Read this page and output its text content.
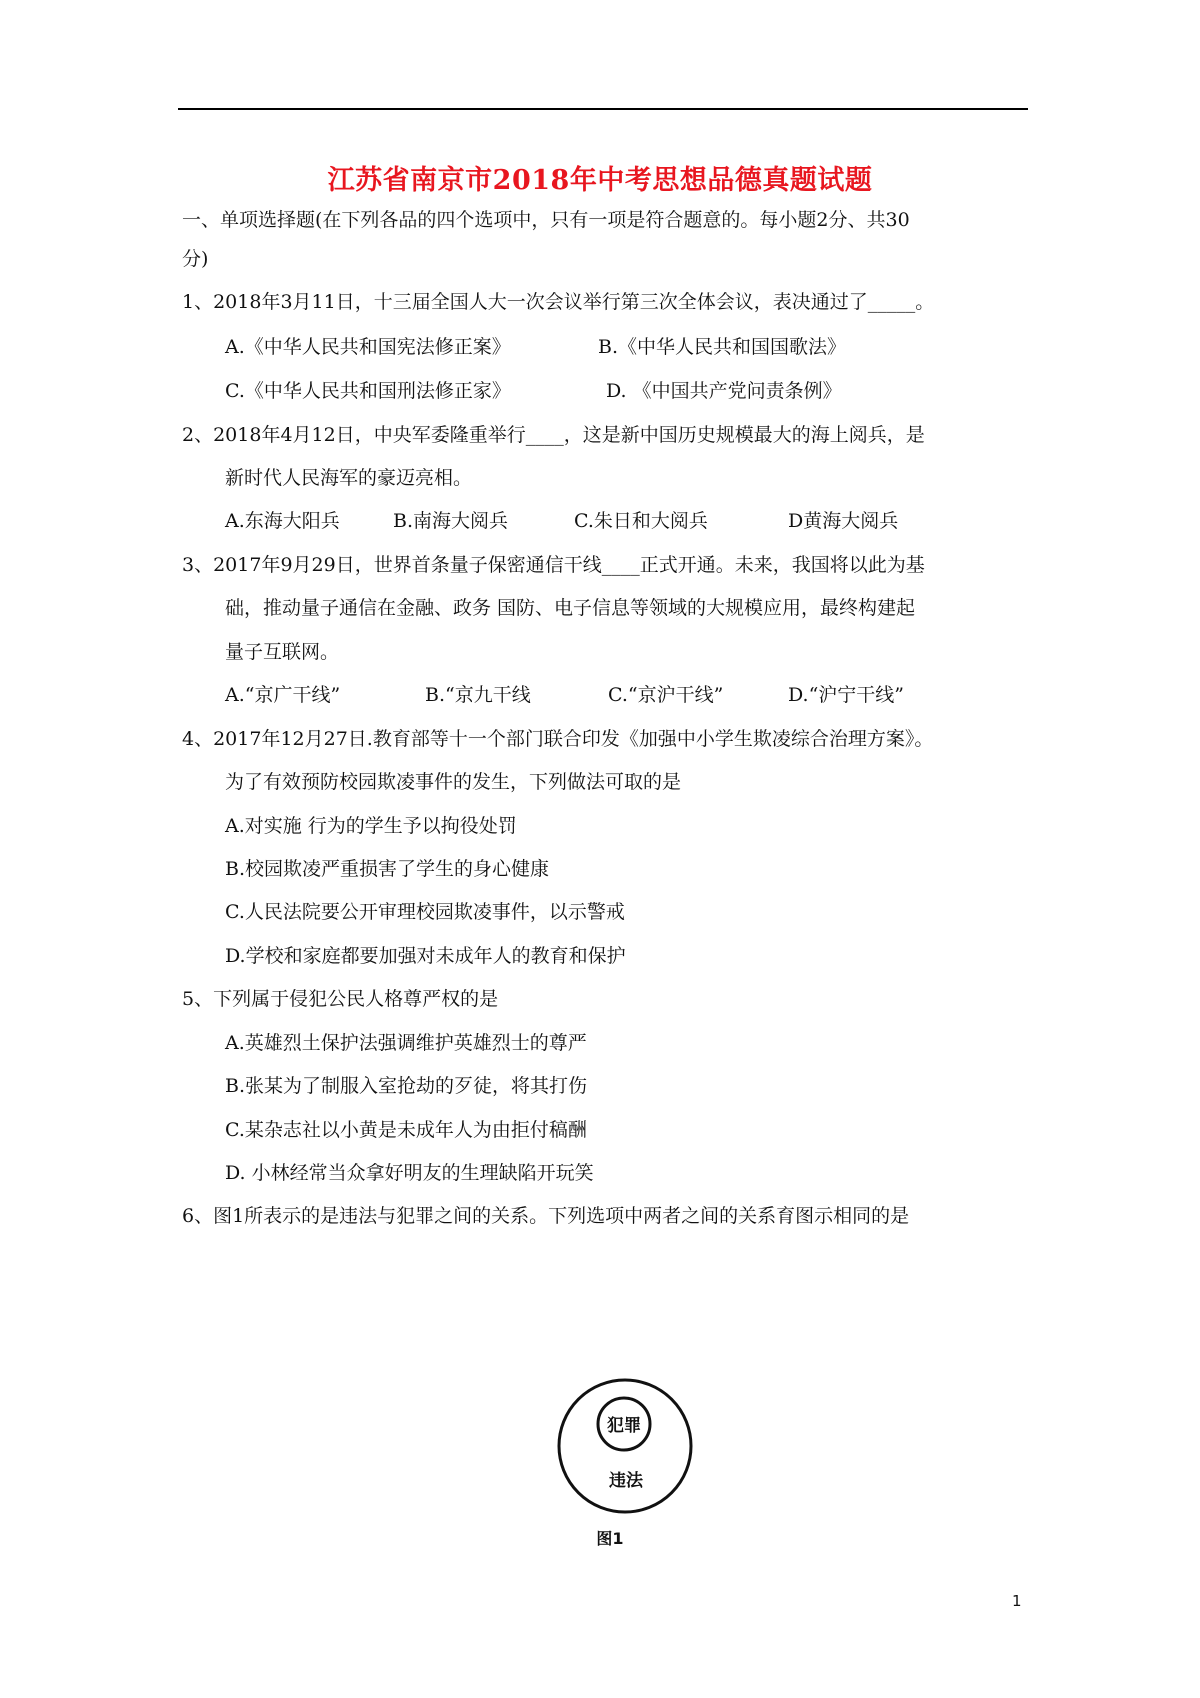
江苏省南京市2018年中考思想品德真题试题
一、单项选择题(在下列各品的四个选项中，只有一项是符合题意的。每小题2分、共30
分)
1、2018年3月11日，十三届全国人大一次会议举行第三次全体会议，表决通过了_____。
A.《中华人民共和国宪法修正案》	B.《中华人民共和国国歌法》
C.《中华人民共和国刑法修正家》	D. 《中国共产党问责条例》
2、2018年4月12日，中央军委隆重举行____，这是新中国历史规模最大的海上阅兵，是
新时代人民海军的豪迈亮相。
A.东海大阳兵	B.南海大阅兵	C.朱日和大阅兵	D黄海大阅兵
3、2017年9月29日，世界首条量子保密通信干线____正式开通。未来，我国将以此为基
础，推动量子通信在金融、政务 国防、电子信息等领域的大规模应用，最终构建起
量子互联网。
A.“京广干线”	B.“京九干线	C.“京沪干线”	D.“沪宁干线”
4、2017年12月27日.教育部等十一个部门联合印发《加强中小学生欺凌综合治理方案》。
为了有效预防校园欺凌事件的发生，下列做法可取的是
A.对实施 行为的学生予以拘役处罚
B.校园欺凌严重损害了学生的身心健康
C.人民法院要公开审理校园欺凌事件，以示警戒
D.学校和家庭都要加强对未成年人的教育和保护
5、下列属于侵犯公民人格尊严权的是
A.英雄烈土保护法强调维护英雄烈士的尊严
B.张某为了制服入室抢劫的歹徒，将其打伤
C.某杂志社以小黄是未成年人为由拒付稿酬
D. 小林经常当众拿好明友的生理缺陷开玩笑
6、图1所表示的是违法与犯罪之间的关系。下列选项中两者之间的关系育图示相同的是
犯罪
违法
图1
1
